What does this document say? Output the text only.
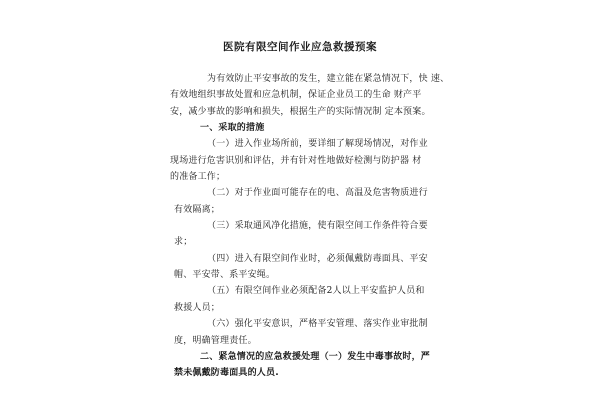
医院有限空间作业应急救援预案
为有效防止平安事故的发生，建立能在紧急情况下，快 速、
有效地组织事故处置和应急机制，保证企业员工的生命 财产平
安，减少事故的影响和损失，根据生产的实际情况制 定本预案。
一、采取的措施
（一）进入作业场所前，要详细了解现场情况，对作业
现场进行危害识别和评估，并有针对性地做好检测与防护器 材
的准备工作；
（二）对于作业面可能存在的电、高温及危害物质进行
有效隔离；
（三）采取通风净化措施，使有限空间工作条件符合要
求；
（四）进入有限空间作业时，必须佩戴防毒面具、平安
帽、平安带、系平安绳。
（五）有限空间作业必须配备2人以上平安监护人员和
救援人员；
（六）强化平安意识，严格平安管理、落实作业审批制
度，明确管理责任。
二、紧急情况的应急救援处理（一）发生中毒事故时，严
禁未佩戴防毒面具的人员.
